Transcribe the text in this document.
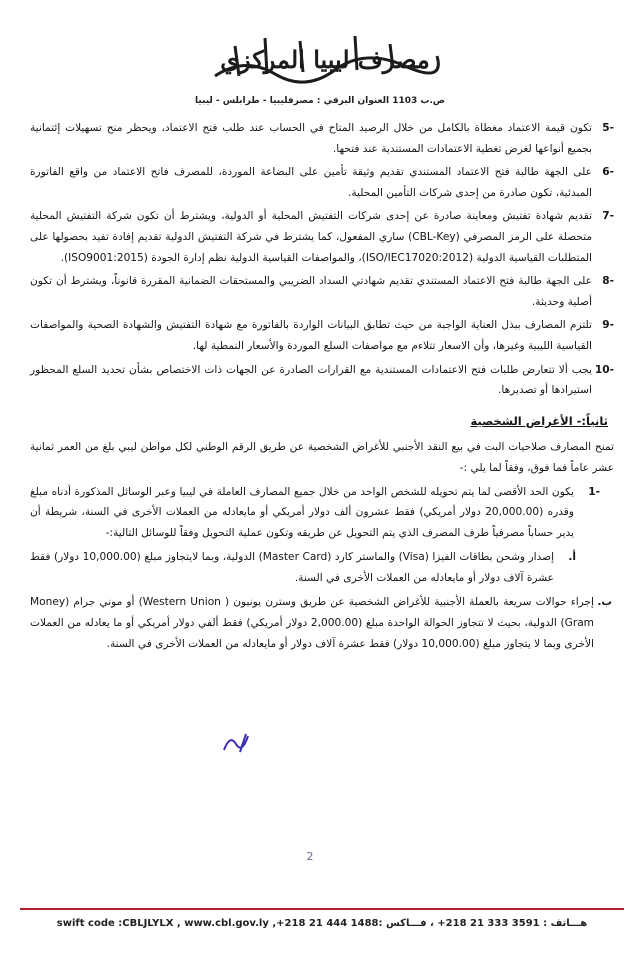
مصرف ليبيا المركزي
ص.ب 1103 العنوان البرقي : مصرفليبيا - طرابلس - ليبيا
5-
تكون قيمة الاعتماد مغطاة بالكامل من خلال الرصيد المتاح في الحساب عند طلب فتح الاعتماد، ويحظر منح تسهيلات إئتمانية بجميع أنواعها لغرض تغطية الاعتمادات المستندية عند فتحها.
6-
على الجهة طالبة فتح الاعتماد المستندي تقديم وثيقة تأمين على البضاعة الموردة، للمصرف فاتح الاعتماد من واقع الفاتورة المبدئية، تكون صادرة من إحدى شركات التأمين المحلية.
7-
تقديم شهادة تفتيش ومعاينة صادرة عن إحدى شركات التفتيش المحلية أو الدولية، ويشترط أن تكون شركة التفتيش المحلية متحصلة على الرمز المصرفي (CBL-Key) ساري المفعول، كما يشترط في شركة التفتيش الدولية تقديم إفادة تفيد بحصولها على المتطلبات القياسية الدولية (ISO/IEC17020:2012)، والمواصفات القياسية الدولية نظم إدارة الجودة (ISO9001:2015).
8-
على الجهة طالبة فتح الاعتماد المستندي تقديم شهادتي السداد الضريبي والمستحقات الضمانية المقررة قانوناً، ويشترط أن تكون أصلية وحديثة.
9-
تلتزم المصارف ببذل العناية الواجبة من حيث تطابق البيانات الواردة بالفاتورة مع شهادة التفتيش والشهادة الصحية والمواصفات القياسية الليبية وغيرها، وأن الاسعار تتلاءم مع مواصفات السلع الموردة والأسعار النمطية لها.
10-
يجب ألا تتعارض طلبات فتح الاعتمادات المستندية مع القرارات الصادرة عن الجهات ذات الاختصاص بشأن تحديد السلع المحظور استيرادها أو تصديرها.
ثانياً:- الأغراض الشخصية
تمنح المصارف صلاحيات البت في بيع النقد الأجنبي للأغراض الشخصية عن طريق الرقم الوطني لكل مواطن ليبي بلغ من العمر ثمانية عشر عاماً فما فوق، وفقاً لما يلي :-
1-
يكون الحد الأقصى لما يتم تحويله للشخص الواحد من خلال جميع المصارف العاملة في ليبيا وعبر الوسائل المذكورة أدناه مبلغ وقدره (20,000.00 دولار أمريكي) فقط عشرون ألف دولار أمريكي أو مايعادله من العملات الأخرى في السنة، شريطة أن يدير حساباً مصرفياً طرف المصرف الذي يتم التحويل عن طريقه وتكون عملية التحويل وفقاً للوسائل التالية:-
أ.
إصدار وشحن بطاقات الفيزا (Visa) والماستر كارد (Master Card) الدولية، وبما لايتجاوز مبلغ (10,000.00 دولار) فقط عشرة آلاف دولار أو مايعادله من العملات الأخرى في السنة.
ب.
إجراء حوالات سريعة بالعملة الأجنبية للأغراض الشخصية عن طريق وسترن يونيون ( Western Union) أو موني جرام (Money Gram) الدولية، بحيث لا تتجاوز الحوالة الواحدة مبلغ (2,000.00 دولار أمريكي) فقط ألفي دولار أمريكي أو ما يعادله من العملات الأخرى وبما لا يتجاوز مبلغ (10,000.00 دولار) فقط عشرة آلاف دولار أو مايعادله من العملات الأخرى في السنة.
2
هـــاتف : 3591 333 21 218+ ، فـــاكس :1488 444 21 218+, swift code :CBLJLYLX , www.cbl.gov.ly
